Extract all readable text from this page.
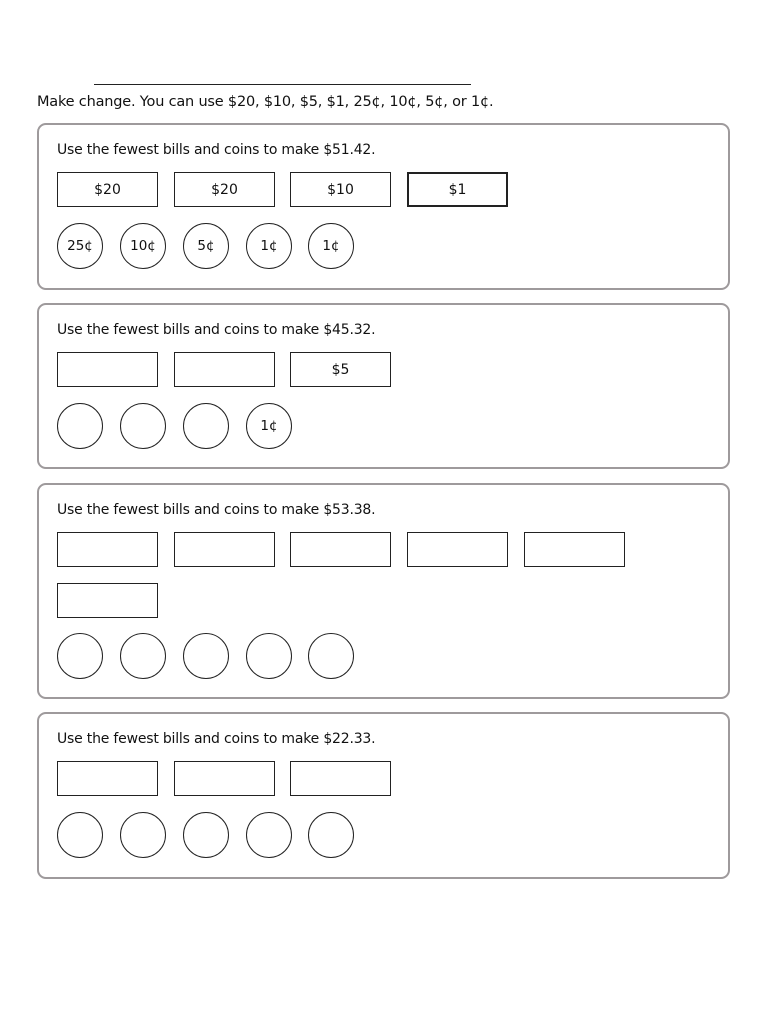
Make change. You can use $20, $10, $5, $1, 25¢, 10¢, 5¢, or 1¢.
Use the fewest bills and coins to make $51.42.
$20	$20	$10	$1
25¢	10¢	5¢	1¢	1¢
Use the fewest bills and coins to make $45.32.
$5
1¢
Use the fewest bills and coins to make $53.38.
Use the fewest bills and coins to make $22.33.
